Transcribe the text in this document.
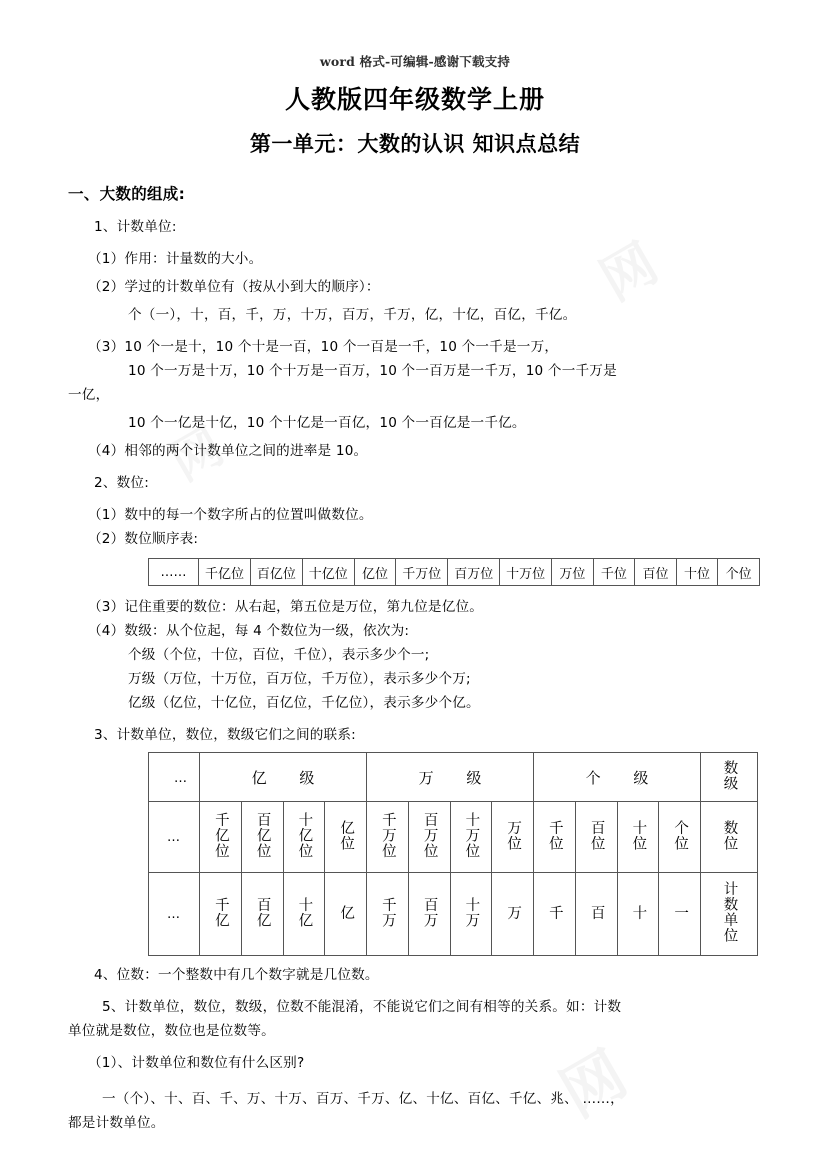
word 格式-可编辑-感谢下载支持
人教版四年级数学上册
第一单元：大数的认识 知识点总结
一、大数的组成:
1、计数单位:
（1）作用：计量数的大小。
（2）学过的计数单位有（按从小到大的顺序）：
个（一），十，百，千，万，十万，百万，千万，亿，十亿，百亿，千亿。
（3）10 个一是十，10 个十是一百，10 个一百是一千，10 个一千是一万，
10 个一万是十万，10 个十万是一百万，10 个一百万是一千万，10 个一千万是
一亿，
10 个一亿是十亿，10 个十亿是一百亿，10 个一百亿是一千亿。
（4）相邻的两个计数单位之间的进率是 10。
2、数位:
（1）数中的每一个数字所占的位置叫做数位。
（2）数位顺序表:
……	千亿位	百亿位	十亿位	亿位	千万位	百万位	十万位	万位	千位	百位	十位	个位
（3）记住重要的数位：从右起，第五位是万位，第九位是亿位。
（4）数级：从个位起，每 4 个数位为一级，依次为:
个级（个位，十位，百位，千位），表示多少个一;
万级（万位，十万位，百万位，千万位），表示多少个万;
亿级（亿位，十亿位，百亿位，千亿位），表示多少个亿。
3、计数单位，数位，数级它们之间的联系:
…	亿 级				万 级				个 级				数级
…	千亿位	百亿位	十亿位	亿位	千万位	百万位	十万位	万位	千位	百位	十位	个位	数位
…	千亿	百亿	十亿	亿	千万	百万	十万	万	千	百	十	一	计数单位
4、位数：一个整数中有几个数字就是几位数。
5、计数单位，数位，数级，位数不能混淆，不能说它们之间有相等的关系。如：计数
单位就是数位，数位也是位数等。
（1）、计数单位和数位有什么区别?
一（个）、十、百、千、万、十万、百万、千万、亿、十亿、百亿、千亿、兆、 ……，
都是计数单位。
